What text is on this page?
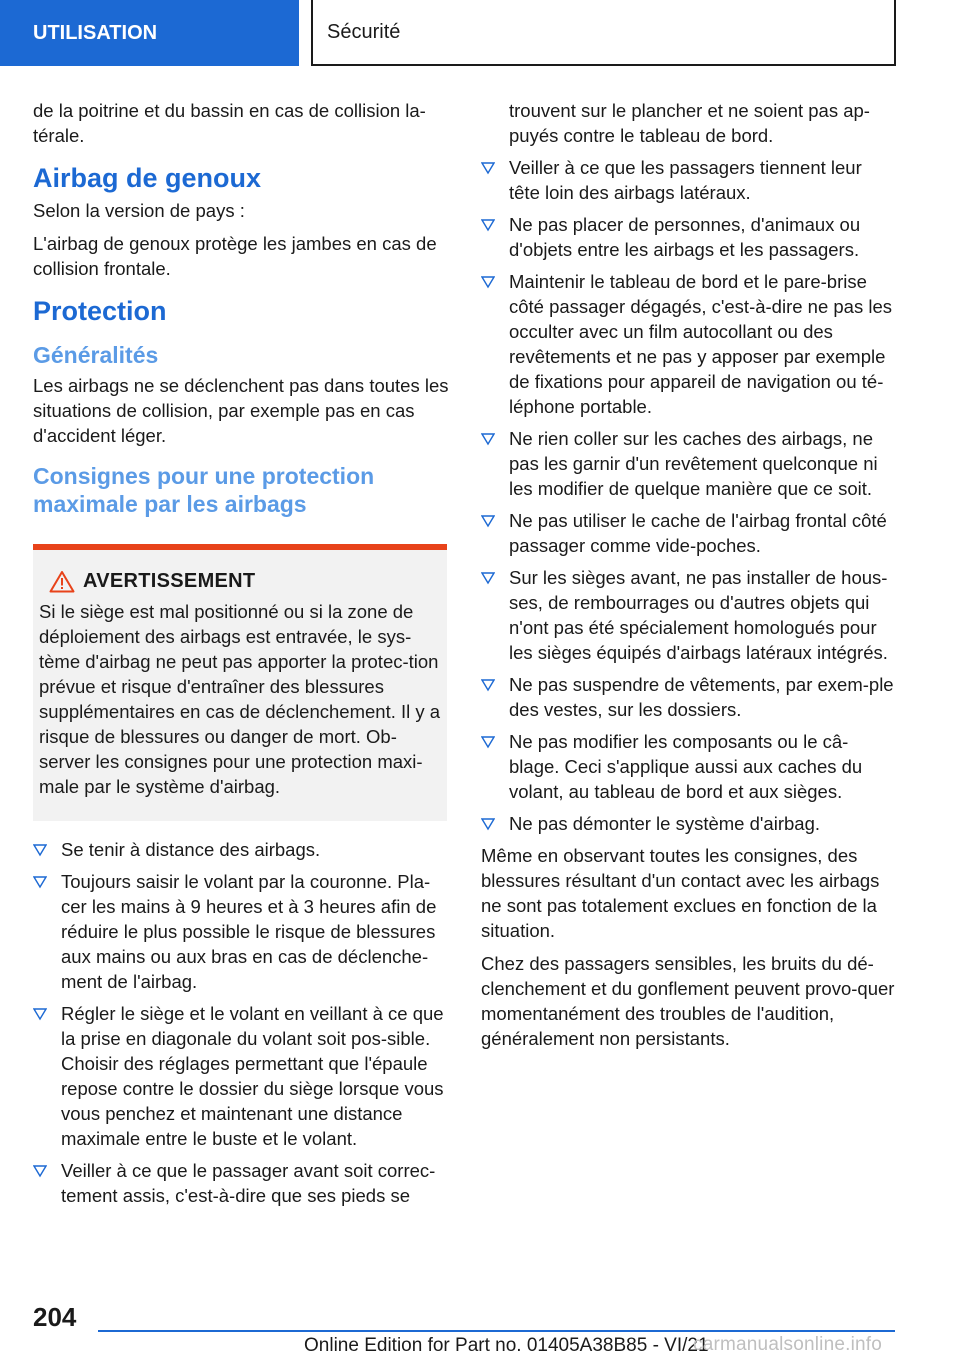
UTILISATION	Sécurité

de la poitrine et du bassin en cas de collision la-térale.

Airbag de genoux

Selon la version de pays :

L'airbag de genoux protège les jambes en cas de collision frontale.

Protection
Généralités

Les airbags ne se déclenchent pas dans toutes les situations de collision, par exemple pas en cas d'accident léger.

Consignes pour une protection maximale par les airbags
AVERTISSEMENT

Si le siège est mal positionné ou si la zone de déploiement des airbags est entravée, le sys-tème d'airbag ne peut pas apporter la protec-tion prévue et risque d'entraîner des blessures supplémentaires en cas de déclenchement. Il y a risque de blessures ou danger de mort. Ob-server les consignes pour une protection maxi-male par le système d'airbag.

Se tenir à distance des airbags.
Toujours saisir le volant par la couronne. Pla-cer les mains à 9 heures et à 3 heures afin de réduire le plus possible le risque de blessures aux mains ou aux bras en cas de déclenche-ment de l'airbag.
Régler le siège et le volant en veillant à ce que la prise en diagonale du volant soit pos-sible. Choisir des réglages permettant que l'épaule repose contre le dossier du siège lorsque vous vous penchez et maintenant une distance maximale entre le buste et le volant.
Veiller à ce que le passager avant soit correc-tement assis, c'est-à-dire que ses pieds se
trouvent sur le plancher et ne soient pas ap-puyés contre le tableau de bord.
Veiller à ce que les passagers tiennent leur tête loin des airbags latéraux.
Ne pas placer de personnes, d'animaux ou d'objets entre les airbags et les passagers.
Maintenir le tableau de bord et le pare-brise côté passager dégagés, c'est-à-dire ne pas les occulter avec un film autocollant ou des revêtements et ne pas y apposer par exemple de fixations pour appareil de navigation ou té-léphone portable.
Ne rien coller sur les caches des airbags, ne pas les garnir d'un revêtement quelconque ni les modifier de quelque manière que ce soit.
Ne pas utiliser le cache de l'airbag frontal côté passager comme vide-poches.
Sur les sièges avant, ne pas installer de hous-ses, de rembourrages ou d'autres objets qui n'ont pas été spécialement homologués pour les sièges équipés d'airbags latéraux intégrés.
Ne pas suspendre de vêtements, par exem-ple des vestes, sur les dossiers.
Ne pas modifier les composants ou le câ-blage. Ceci s'applique aussi aux caches du volant, au tableau de bord et aux sièges.
Ne pas démonter le système d'airbag.

Même en observant toutes les consignes, des blessures résultant d'un contact avec les airbags ne sont pas totalement exclues en fonction de la situation.

Chez des passagers sensibles, les bruits du dé-clenchement et du gonflement peuvent provo-quer momentanément des troubles de l'audition, généralement non persistants.

204
Online Edition for Part no. 01405A38B85 - VI/21
carmanualsonline.info
